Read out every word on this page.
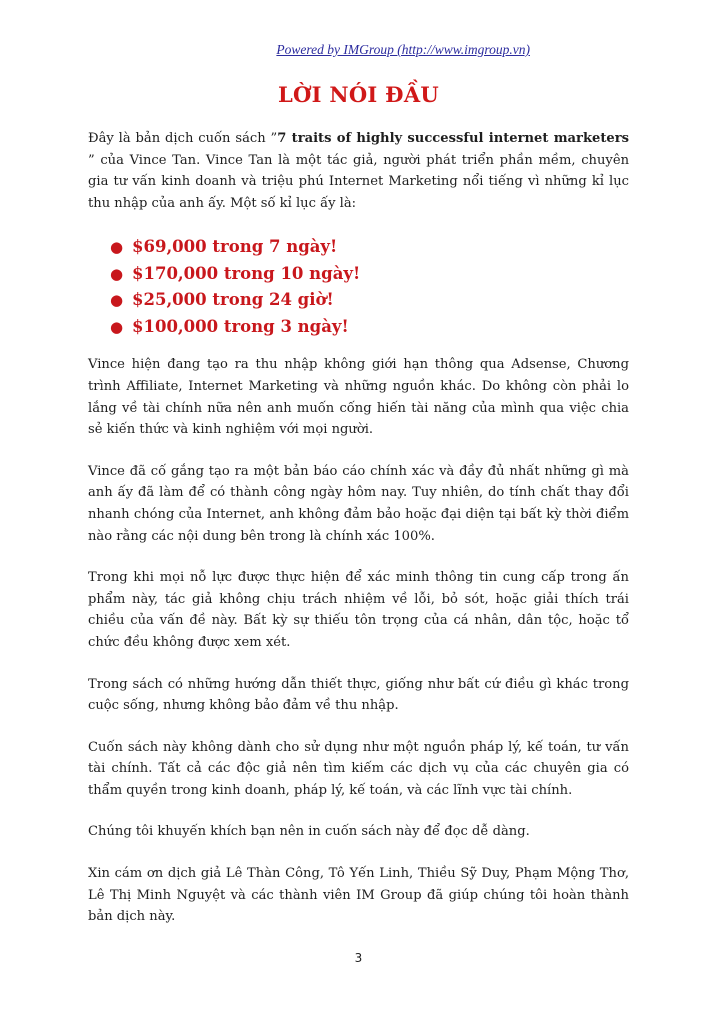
Powered by IMGroup (http://www.imgroup.vn)
LỜI NÓI ĐẦU

Đây là bản dịch cuốn sách ”7 traits of highly successful internet marketers ” của Vince Tan. Vince Tan là một tác giả, người phát triển phần mềm, chuyên gia tư vấn kinh doanh và triệu phú Internet Marketing nổi tiếng vì những kỉ lục thu nhập của anh ấy. Một số kỉ lục ấy là:

● $69,000 trong 7 ngày!
● $170,000 trong 10 ngày!
● $25,000 trong 24 giờ!
● $100,000 trong 3 ngày!

Vince hiện đang tạo ra thu nhập không giới hạn thông qua Adsense, Chương trình Affiliate, Internet Marketing và những nguồn khác. Do không còn phải lo lắng về tài chính nữa nên anh muốn cống hiến tài năng của mình qua việc chia sẻ kiến thức và kinh nghiệm với mọi người.

Vince đã cố gắng tạo ra một bản báo cáo chính xác và đầy đủ nhất những gì mà anh ấy đã làm để có thành công ngày hôm nay. Tuy nhiên, do tính chất thay đổi nhanh chóng của Internet, anh không đảm bảo hoặc đại diện tại bất kỳ thời điểm nào rằng các nội dung bên trong là chính xác 100%.

Trong khi mọi nỗ lực được thực hiện để xác minh thông tin cung cấp trong ấn phẩm này, tác giả không chịu trách nhiệm về lỗi, bỏ sót, hoặc giải thích trái chiều của vấn đề này. Bất kỳ sự thiếu tôn trọng của cá nhân, dân tộc, hoặc tổ chức đều không được xem xét.

Trong sách có những hướng dẫn thiết thực, giống như bất cứ điều gì khác trong cuộc sống, nhưng không bảo đảm về thu nhập.

Cuốn sách này không dành cho sử dụng như một nguồn pháp lý, kế toán, tư vấn tài chính. Tất cả các độc giả nên tìm kiếm các dịch vụ của các chuyên gia có thẩm quyền trong kinh doanh, pháp lý, kế toán, và các lĩnh vực tài chính.

Chúng tôi khuyến khích bạn nên in cuốn sách này để đọc dễ dàng.

Xin cám ơn dịch giả Lê Thàn Công, Tô Yến Linh, Thiều Sỹ Duy, Phạm Mộng Thơ, Lê Thị Minh Nguyệt và các thành viên IM Group đã giúp chúng tôi hoàn thành bản dịch này.

3
